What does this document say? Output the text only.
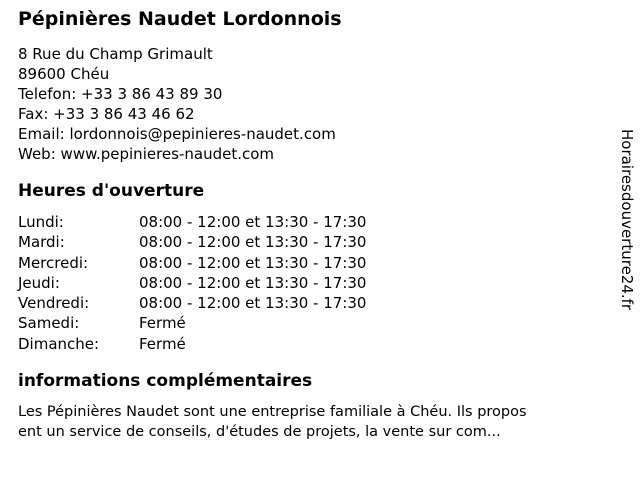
Pépinières Naudet Lordonnois
8 Rue du Champ Grimault
89600 Chéu
Telefon: +33 3 86 43 89 30
Fax: +33 3 86 43 46 62
Email: lordonnois@pepinieres-naudet.com
Web: www.pepinieres-naudet.com
Heures d'ouverture
Lundi:	08:00 - 12:00 et 13:30 - 17:30
Mardi:	08:00 - 12:00 et 13:30 - 17:30
Mercredi:	08:00 - 12:00 et 13:30 - 17:30
Jeudi:	08:00 - 12:00 et 13:30 - 17:30
Vendredi:	08:00 - 12:00 et 13:30 - 17:30
Samedi:	Fermé
Dimanche:	Fermé
informations complémentaires
Les Pépinières Naudet sont une entreprise familiale à Chéu. Ils propos
ent un service de conseils, d'études de projets, la vente sur com...
Horairesdouverture24.fr
